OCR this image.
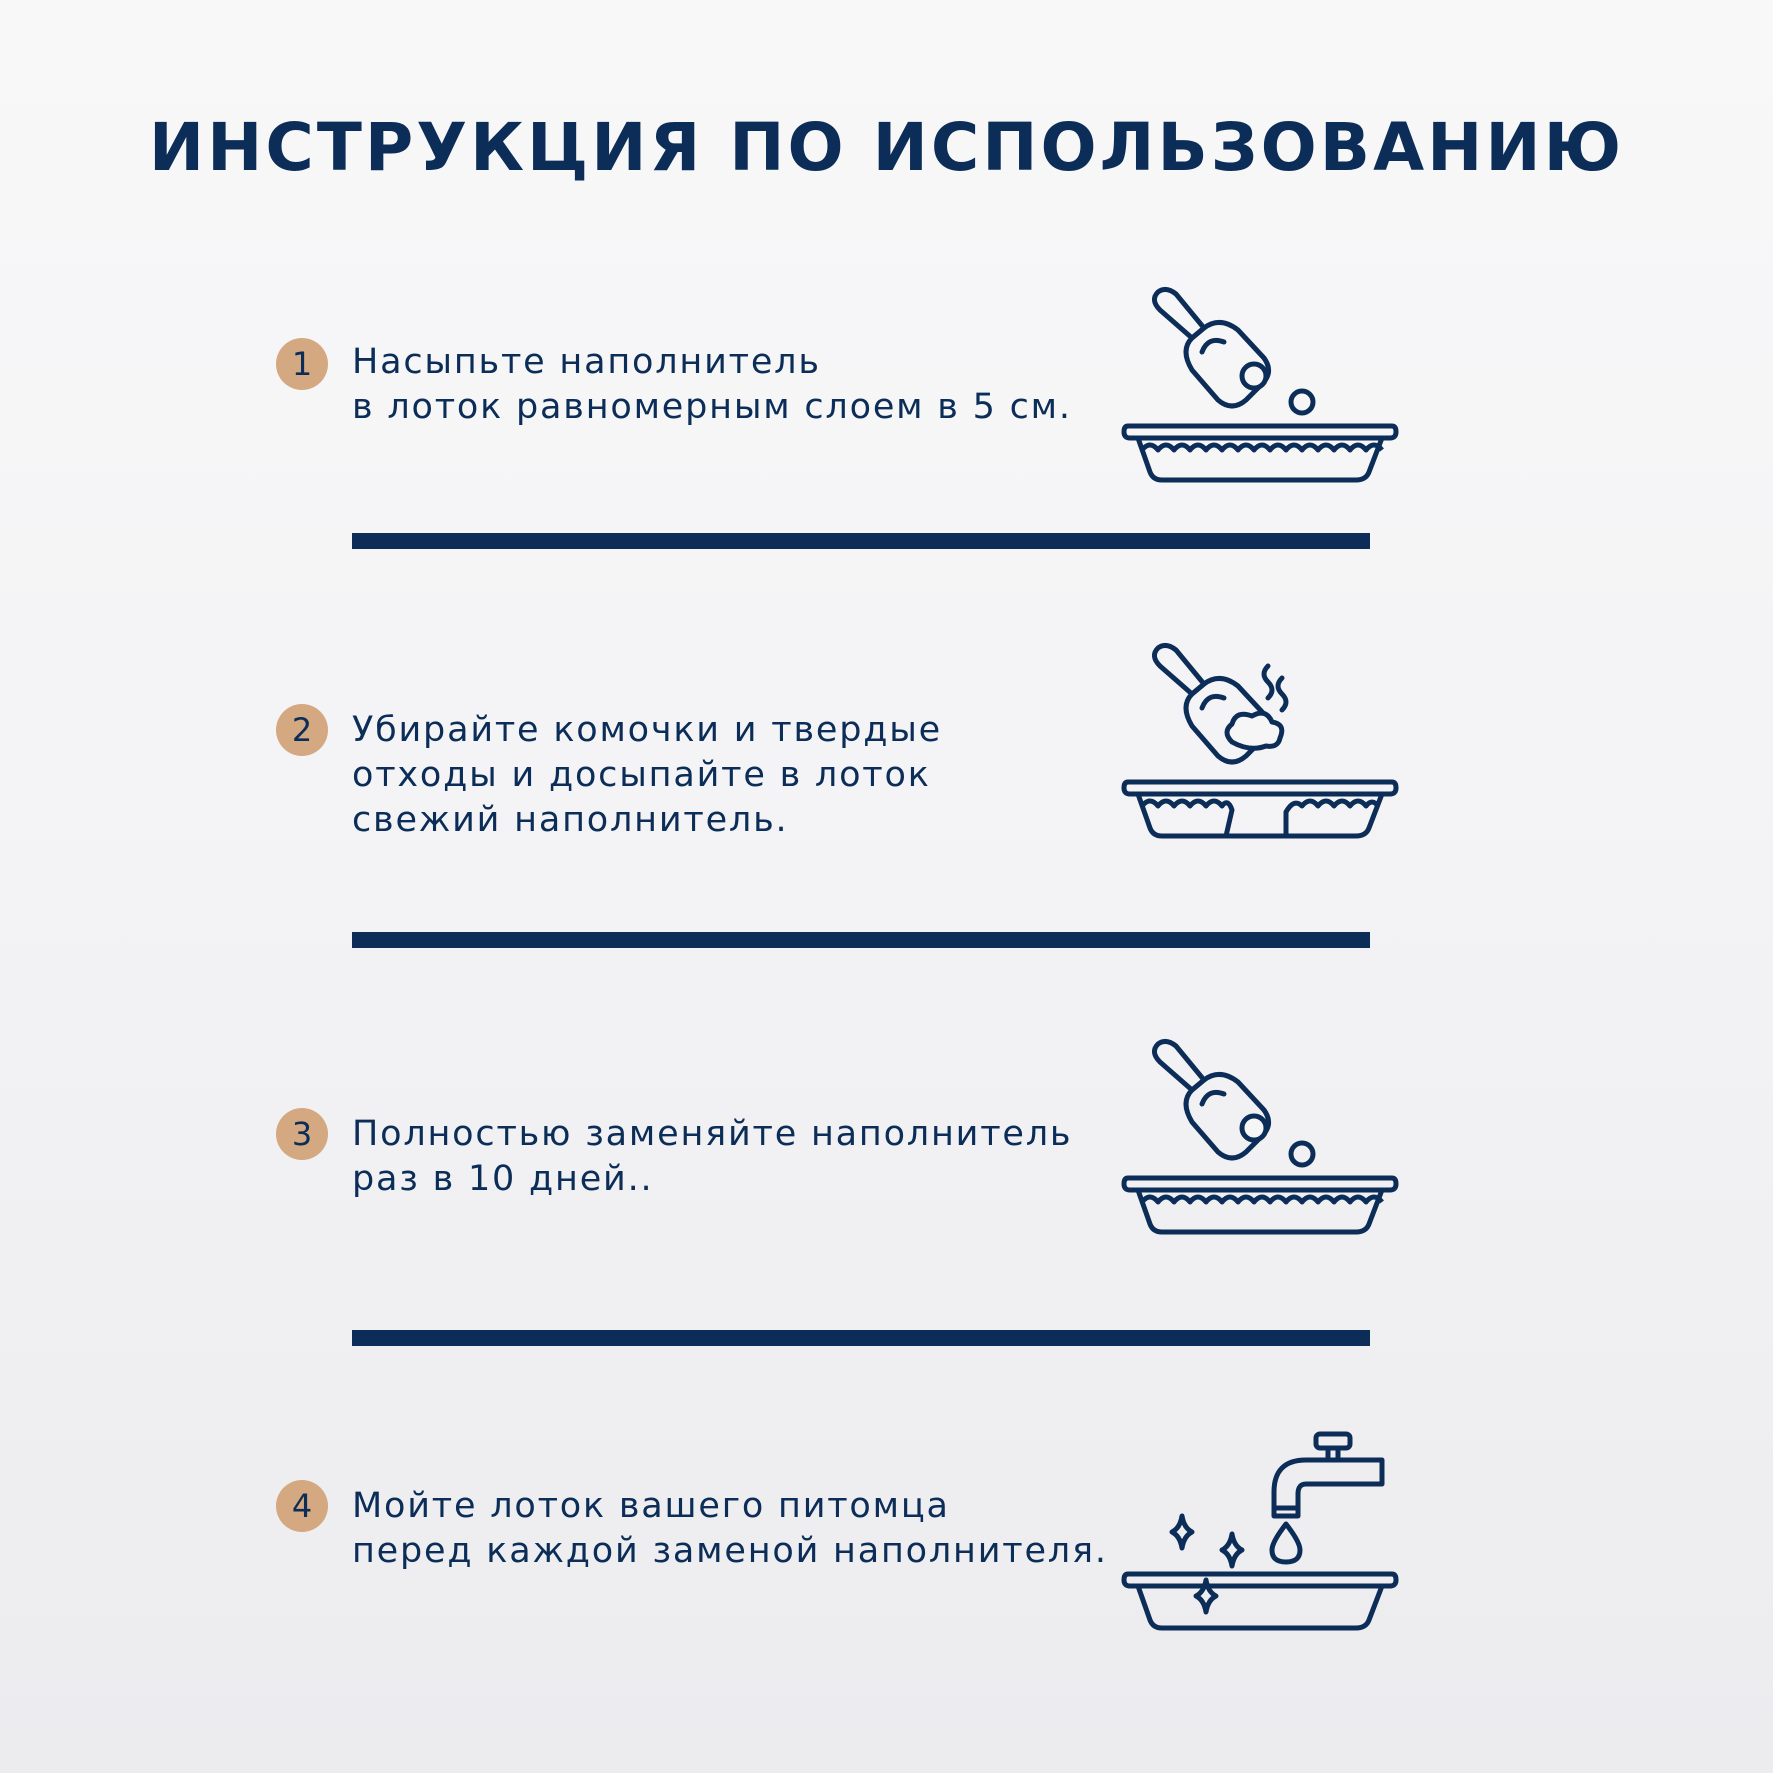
ИНСТРУКЦИЯ ПО ИСПОЛЬЗОВАНИЮ
1	Насыпьте наполнитель
в лоток равномерным слоем в 5 см.
2	Убирайте комочки и твердые
отходы и досыпайте в лоток
свежий наполнитель.
3	Полностью заменяйте наполнитель
раз в 10 дней..
4	Мойте лоток вашего питомца
перед каждой заменой наполнителя.
